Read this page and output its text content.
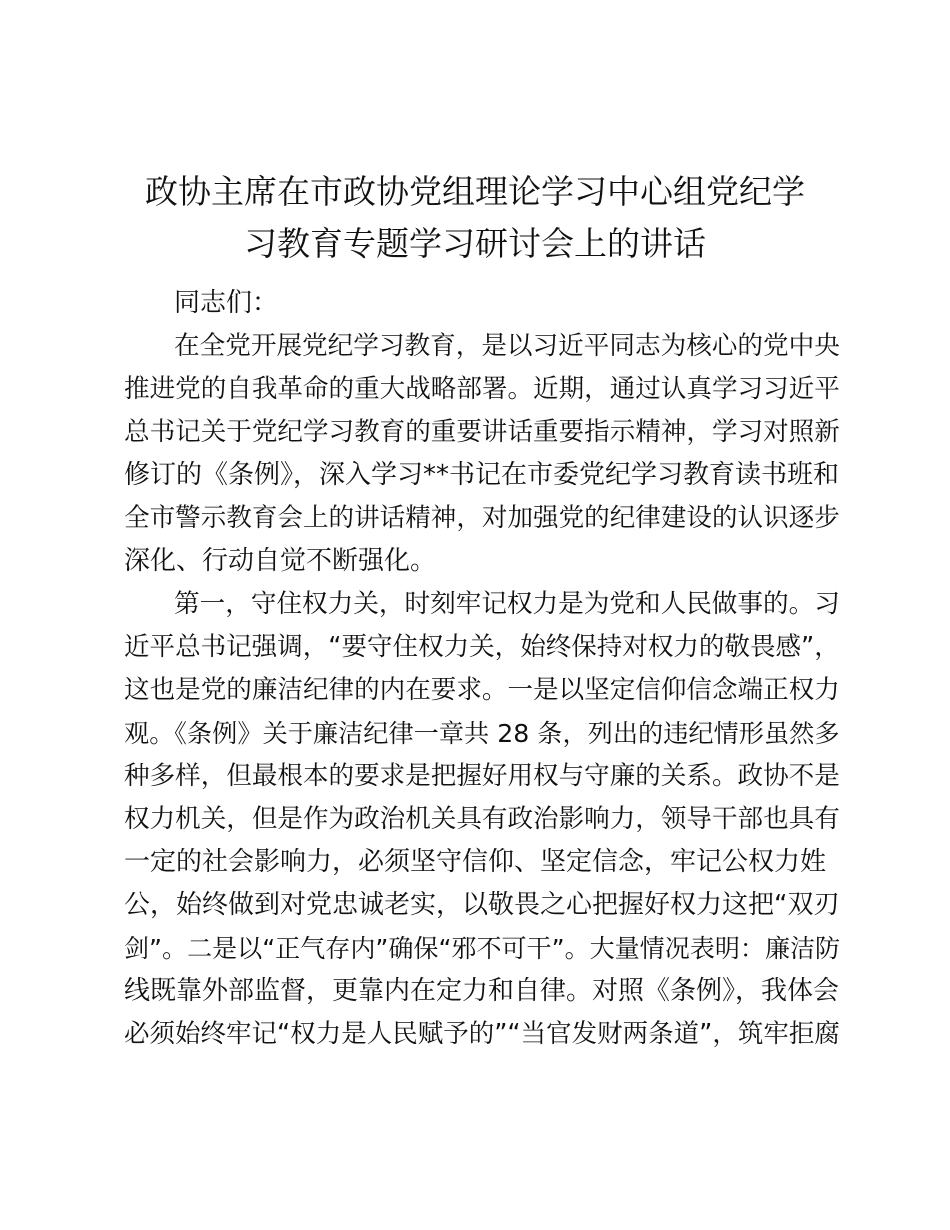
政协主席在市政协党组理论学习中心组党纪学
习教育专题学习研讨会上的讲话
同志们：
在全党开展党纪学习教育，是以习近平同志为核心的党中央
推进党的自我革命的重大战略部署。近期，通过认真学习习近平
总书记关于党纪学习教育的重要讲话重要指示精神，学习对照新
修订的《条例》，深入学习**书记在市委党纪学习教育读书班和
全市警示教育会上的讲话精神，对加强党的纪律建设的认识逐步
深化、行动自觉不断强化。
第一，守住权力关，时刻牢记权力是为党和人民做事的。习
近平总书记强调，“要守住权力关，始终保持对权力的敬畏感”，
这也是党的廉洁纪律的内在要求。一是以坚定信仰信念端正权力
观。《条例》关于廉洁纪律一章共 28 条，列出的违纪情形虽然多
种多样，但最根本的要求是把握好用权与守廉的关系。政协不是
权力机关，但是作为政治机关具有政治影响力，领导干部也具有
一定的社会影响力，必须坚守信仰、坚定信念，牢记公权力姓
公，始终做到对党忠诚老实，以敬畏之心把握好权力这把“双刃
剑”。二是以“正气存内”确保“邪不可干”。大量情况表明：廉洁防
线既靠外部监督，更靠内在定力和自律。对照《条例》，我体会
必须始终牢记“权力是人民赋予的”“当官发财两条道”，筑牢拒腐
